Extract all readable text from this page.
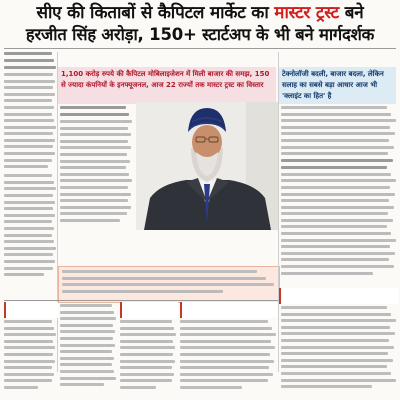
सीए की किताबों से कैपिटल मार्केट का मास्टर ट्रस्ट बने
हरजीत सिंह अरोड़ा, 150+ स्टार्टअप के भी बने मार्गदर्शक
1,100 करोड़ रुपये की कैपिटल मोबिलाइजेशन में मिली बाजार की समझ, 150 से ज्यादा कंपनियों के इनफ्यूजनल, आज 22 राज्यों तक मास्टर ट्रस्ट का विस्तार
टेक्नोलॉजी बदली, बाजार बदला, लेकिन सलाह का सबसे बड़ा आधार आज भी 'क्लाइंट का हित' है
